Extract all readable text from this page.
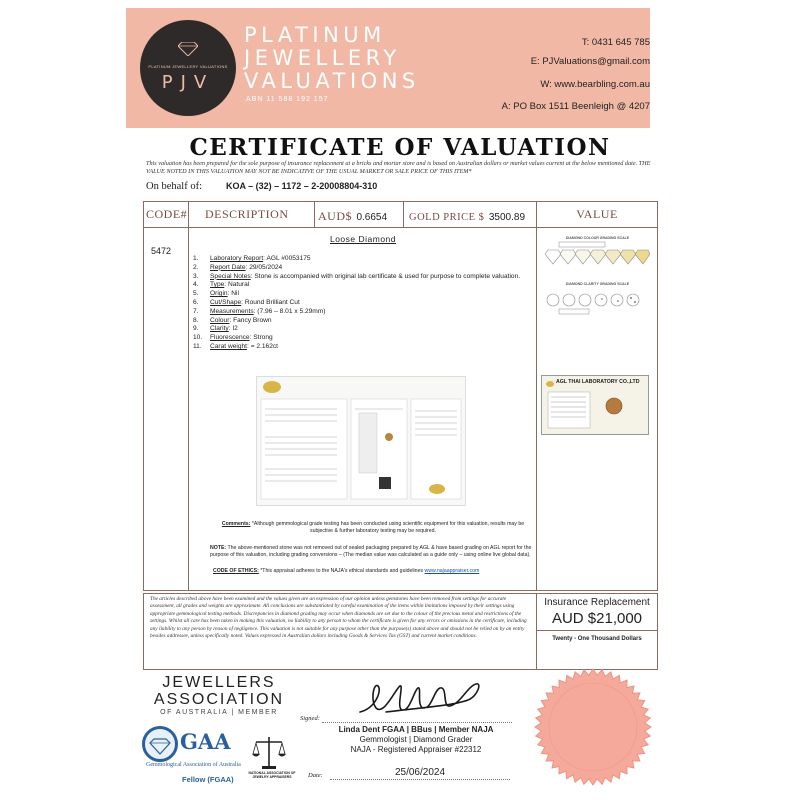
PLATINUM JEWELLERY VALUATIONS
PJV
PLATINUM
JEWELLERY
VALUATIONS
ABN 11 588 192 157
T: 0431 645 785
E: PJValuations@gmail.com
W: www.bearbling.com.au
A: PO Box 1511 Beenleigh @ 4207
CERTIFICATE OF VALUATION
This valuation has been prepared for the sole purpose of insurance replacement at a bricks and mortar store and is based on Australian dollars or market values current at the below mentioned date. THE VALUE NOTED IN THIS VALUATION MAY NOT BE INDICATIVE OF THE USUAL MARKET OR SALE PRICE OF THIS ITEM*
On behalf of:	KOA – (32) – 1172 – 2-20008804-310
CODE# DESCRIPTION AUD$ 0.6654 GOLD PRICE $ 3500.89	VALUE
5472
Loose Diamond
1.	Laboratory Report : AGL #0053175
2.	Report Date : 29/05/2024
3.	Special Notes : Stone is accompanied with original lab certificate & used for purpose to complete valuation.
4.	Type : Natural
5.	Origin : Nil
6.	Cut/Shape : Round Brilliant Cut
7.	Measurements : (7.96 – 8.01 x 5.29mm)
8.	Colour : Fancy Brown
9.	Clarity : I2
10.	Fluorescence : Strong
11.	Carat weight : = 2.162ct
DIAMOND COLOUR GRADING SCALE
DIAMOND CLARITY GRADING SCALE
AGL THAI LABORATORY CO.,LTD
Comments: *Although gemmological grade testing has been conducted using scientific equipment for this valuation, results may be subjective & further laboratory testing may be required.
NOTE: The above-mentioned stone was not removed out of sealed packaging prepared by AGL & have based grading on AGL report for the purpose of this valuation, including grading conversions – (The median value was calculated as a guide only – using online live global data).
CODE OF ETHICS: *This appraisal adheres to the NAJA's ethical standards and guidelines www.najaappraiser.com
The articles described above have been examined and the values given are an expression of our opinion unless gemstones have been removed from settings for accurate assessment, all grades and weights are approximate. All conclusions are substantiated by careful examination of the items within limitations imposed by their settings using appropriate gemmological testing methods. Discrepancies in diamond grading may occur when diamonds are set due to the colour of the precious metal and restrictions of the settings. Whilst all care has been taken in making this valuation, no liability to any person to whom the certificate is given for any errors or omissions in the certificate, including any liability to any person by reason of negligence. This valuation is not suitable for any purpose other than the purpose(s) stated above and should not be relied on by an entity besides addressee, unless specifically noted. Values expressed in Australian dollars including Goods & Services Tax (GST) and current market conditions.
Insurance Replacement
AUD $21,000
Twenty - One Thousand Dollars
JEWELLERS
ASSOCIATION
OF AUSTRALIA | MEMBER
GAA
Gemmological Association of Australia
Fellow (FGAA)
NATIONAL ASSOCIATION OF JEWELRY APPRAISERS
Signed:
Linda Dent FGAA | BBus | Member NAJA
Gemmologist | Diamond Grader
NAJA - Registered Appraiser #22312
Date:	25/06/2024
